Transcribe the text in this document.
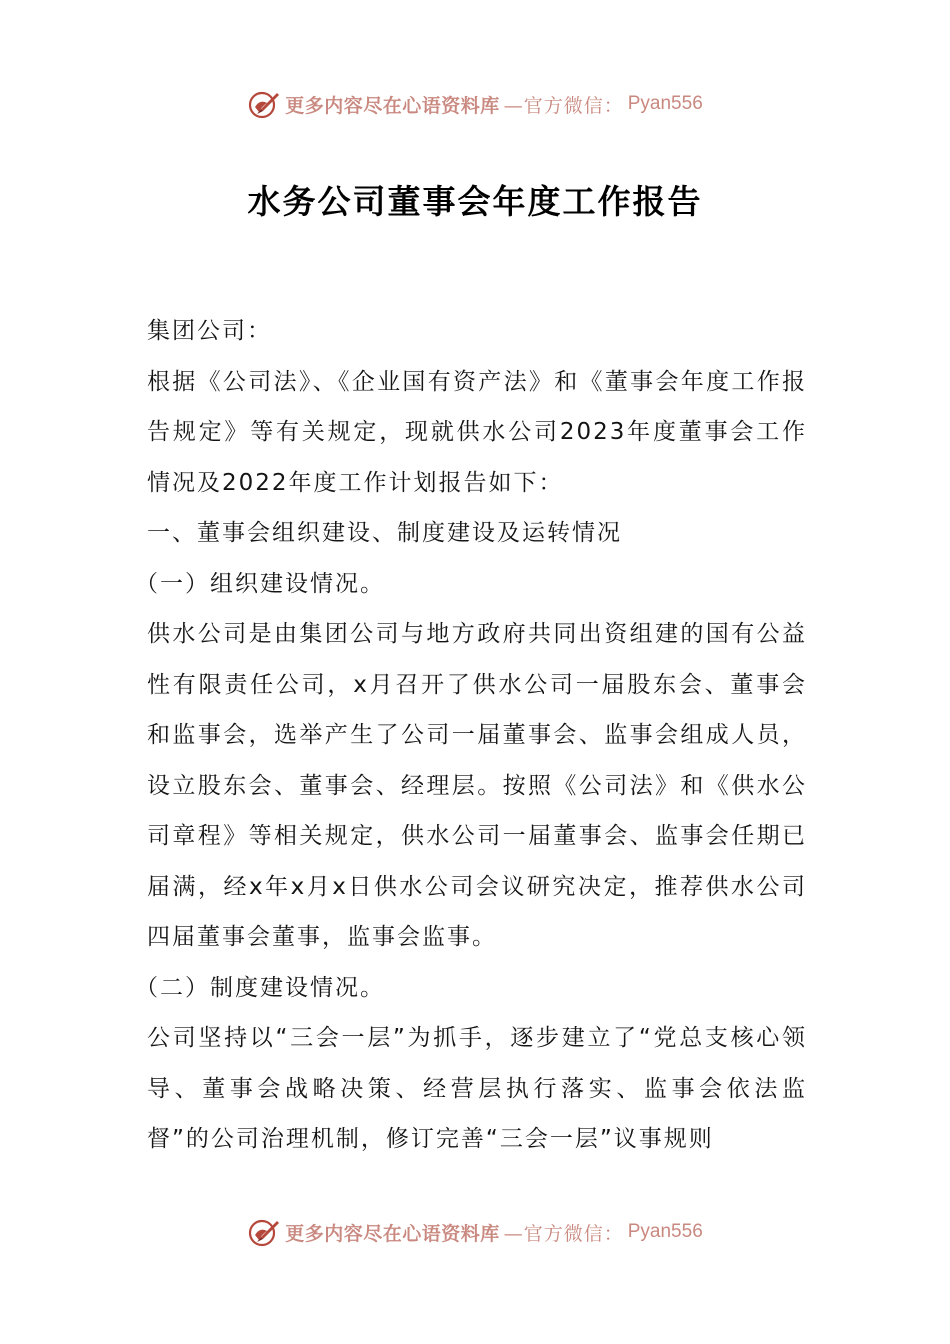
更多内容尽在心语资料库 —官方微信： Pyan556
水务公司董事会年度工作报告

集团公司：

根据《公司法》、《企业国有资产法》和《董事会年度工作报告规定》等有关规定，现就供水公司2023年度董事会工作情况及2022年度工作计划报告如下：

一、董事会组织建设、制度建设及运转情况

（一）组织建设情况。

供水公司是由集团公司与地方政府共同出资组建的国有公益性有限责任公司，x月召开了供水公司一届股东会、董事会和监事会，选举产生了公司一届董事会、监事会组成人员，设立股东会、董事会、经理层。按照《公司法》和《供水公司章程》等相关规定，供水公司一届董事会、监事会任期已届满，经x年x月x日供水公司会议研究决定，推荐供水公司四届董事会董事，监事会监事。

（二）制度建设情况。

公司坚持以“三会一层”为抓手，逐步建立了“党总支核心领导、董事会战略决策、经营层执行落实、监事会依法监督”的公司治理机制，修订完善“三会一层”议事规则

更多内容尽在心语资料库 —官方微信： Pyan556
